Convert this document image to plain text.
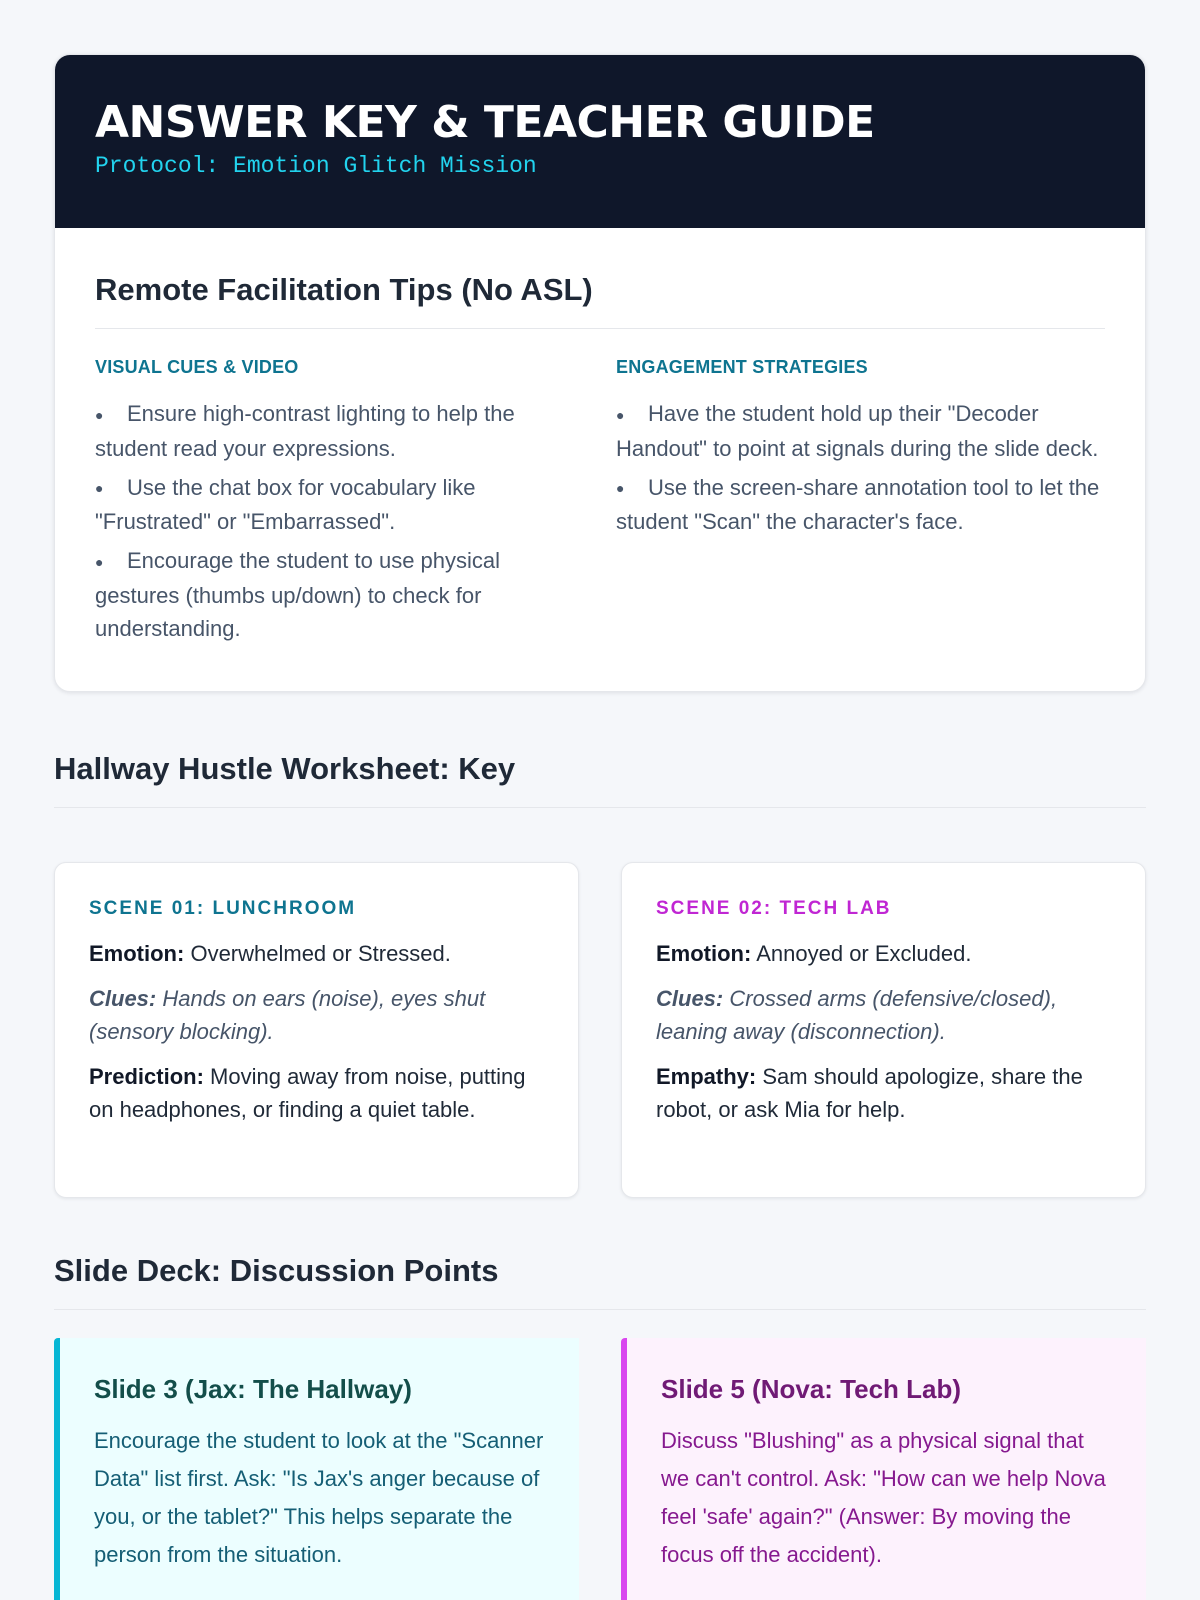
ANSWER KEY & TEACHER GUIDE
Protocol: Emotion Glitch Mission
Remote Facilitation Tips (No ASL)
VISUAL CUES & VIDEO
● Ensure high-contrast lighting to help the student read your expressions.
● Use the chat box for vocabulary like "Frustrated" or "Embarrassed".
● Encourage the student to use physical gestures (thumbs up/down) to check for understanding.
ENGAGEMENT STRATEGIES
● Have the student hold up their "Decoder Handout" to point at signals during the slide deck.
● Use the screen-share annotation tool to let the student "Scan" the character's face.
Hallway Hustle Worksheet: Key
SCENE 01: LUNCHROOM
Emotion: Overwhelmed or Stressed.
Clues: Hands on ears (noise), eyes shut (sensory blocking).
Prediction: Moving away from noise, putting on headphones, or finding a quiet table.
SCENE 02: TECH LAB
Emotion: Annoyed or Excluded.
Clues: Crossed arms (defensive/closed), leaning away (disconnection).
Empathy: Sam should apologize, share the robot, or ask Mia for help.
Slide Deck: Discussion Points
Slide 3 (Jax: The Hallway)
Encourage the student to look at the "Scanner Data" list first. Ask: "Is Jax's anger because of you, or the tablet?" This helps separate the person from the situation.
Slide 5 (Nova: Tech Lab)
Discuss "Blushing" as a physical signal that we can't control. Ask: "How can we help Nova feel 'safe' again?" (Answer: By moving the focus off the accident).
